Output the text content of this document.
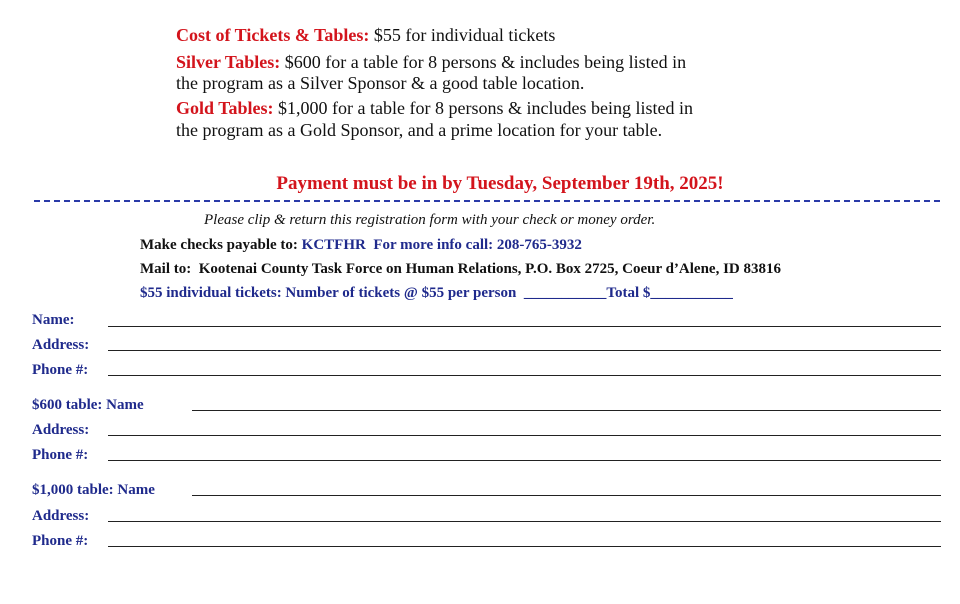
Cost of Tickets & Tables: $55 for individual tickets
Silver Tables: $600 for a table for 8 persons & includes being listed in
the program as a Silver Sponsor & a good table location.
Gold Tables: $1,000 for a table for 8 persons & includes being listed in
the program as a Gold Sponsor, and a prime location for your table.
Payment must be in by Tuesday, September 19th, 2025!
Please clip & return this registration form with your check or money order.
Make checks payable to: KCTFHR For more info call: 208-765-3932
Mail to: Kootenai County Task Force on Human Relations, P.O. Box 2725, Coeur d’Alene, ID 83816
$55 individual tickets: Number of tickets @ $55 per person ___________Total $___________
Name:
Address:
Phone #:
$600 table: Name
Address:
Phone #:
$1,000 table: Name
Address:
Phone #:
